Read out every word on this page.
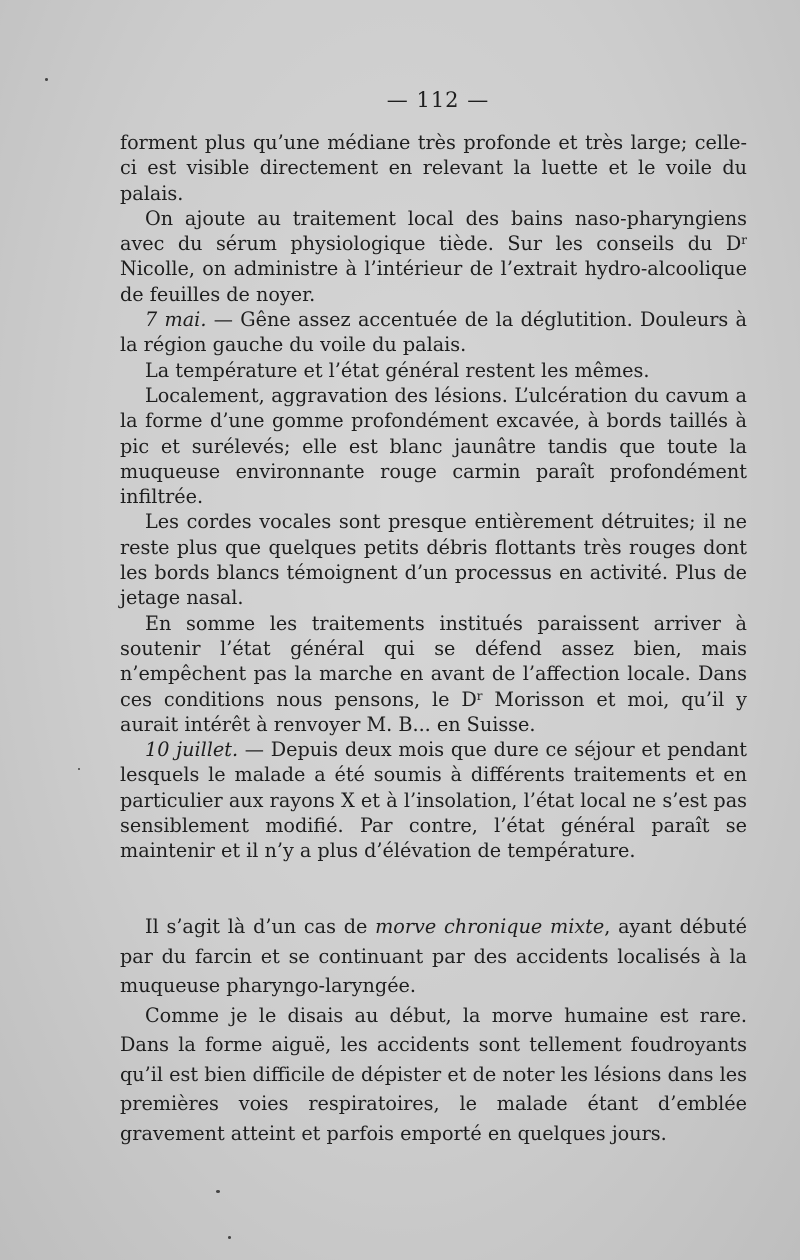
— 112 —

forment plus qu’une médiane très profonde et très large; celle-ci est visible directement en relevant la luette et le voile du palais.

On ajoute au traitement local des bains naso-pharyngiens avec du sérum physiologique tiède. Sur les conseils du $D^r$ Nicolle, on administre à l’intérieur de l’extrait hydro-alcoolique de feuilles de noyer.

7 mai. — Gêne assez accentuée de la déglutition. Douleurs à la région gauche du voile du palais.

La température et l’état général restent les mêmes.

Localement, aggravation des lésions. L’ulcération du cavum a la forme d’une gomme profondément excavée, à bords taillés à pic et surélevés; elle est blanc jaunâtre tandis que toute la muqueuse environnante rouge carmin paraît profondément infiltrée.

Les cordes vocales sont presque entièrement détruites; il ne reste plus que quelques petits débris flottants très rouges dont les bords blancs témoignent d’un processus en activité. Plus de jetage nasal.

En somme les traitements institués paraissent arriver à soutenir l’état général qui se défend assez bien, mais n’empêchent pas la marche en avant de l’affection locale. Dans ces conditions nous pensons, le $D^r$ Morisson et moi, qu’il y aurait intérêt à renvoyer M. B... en Suisse.

10 juillet. — Depuis deux mois que dure ce séjour et pendant lesquels le malade a été soumis à différents traitements et en particulier aux rayons X et à l’insolation, l’état local ne s’est pas sensiblement modifié. Par contre, l’état général paraît se maintenir et il n’y a plus d’élévation de température.

Il s’agit là d’un cas de morve chronique mixte, ayant débuté par du farcin et se continuant par des accidents localisés à la muqueuse pharyngo-laryngée.

Comme je le disais au début, la morve humaine est rare. Dans la forme aiguë, les accidents sont tellement foudroyants qu’il est bien difficile de dépister et de noter les lésions dans les premières voies respiratoires, le malade étant d’emblée gravement atteint et parfois emporté en quelques jours.
